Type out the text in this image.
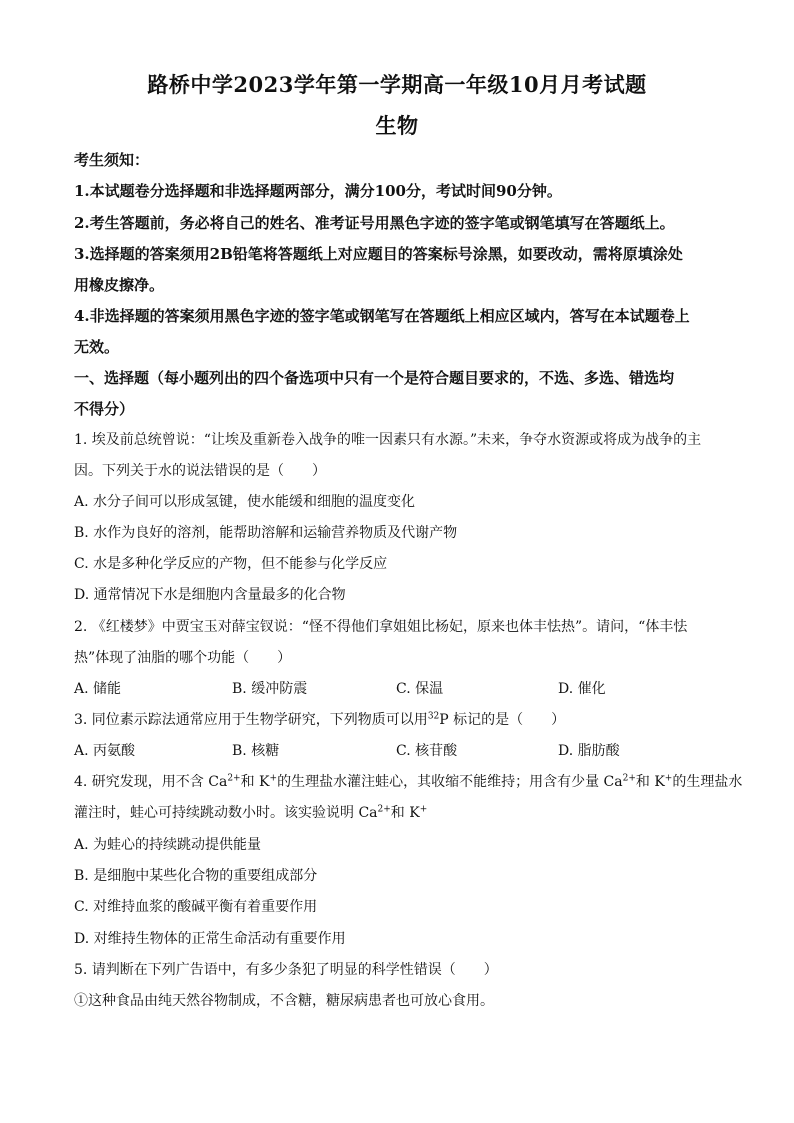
路桥中学2023学年第一学期高一年级10月月考试题
生物
考生须知：
1.本试题卷分选择题和非选择题两部分，满分100分，考试时间90分钟。
2.考生答题前，务必将自己的姓名、准考证号用黑色字迹的签字笔或钢笔填写在答题纸上。
3.选择题的答案须用2B铅笔将答题纸上对应题目的答案标号涂黑，如要改动，需将原填涂处
用橡皮擦净。
4.非选择题的答案须用黑色字迹的签字笔或钢笔写在答题纸上相应区域内，答写在本试题卷上
无效。
一、选择题（每小题列出的四个备选项中只有一个是符合题目要求的，不选、多选、错选均
不得分）
1. 埃及前总统曾说：“让埃及重新卷入战争的唯一因素只有水源。”未来，争夺水资源或将成为战争的主
因。下列关于水的说法错误的是（　　）
A. 水分子间可以形成氢键，使水能缓和细胞的温度变化
B. 水作为良好的溶剂，能帮助溶解和运输营养物质及代谢产物
C. 水是多种化学反应的产物，但不能参与化学反应
D. 通常情况下水是细胞内含量最多的化合物
2. 《红楼梦》中贾宝玉对薛宝钗说：“怪不得他们拿姐姐比杨妃，原来也体丰怯热”。请问，“体丰怯
热”体现了油脂的哪个功能（　　）
A. 储能	B. 缓冲防震	C. 保温	D. 催化
3. 同位素示踪法通常应用于生物学研究，下列物质可以用$^{32}$P 标记的是（　　）
A. 丙氨酸	B. 核糖	C. 核苷酸	D. 脂肪酸
4. 研究发现，用不含 $Ca^{2+}$和 K+的生理盐水灌注蛙心，其收缩不能维持；用含有少量 $Ca^{2+}$和 K+的生理盐水
灌注时，蛙心可持续跳动数小时。该实验说明 $Ca^{2+}$和 K+
A. 为蛙心的持续跳动提供能量
B. 是细胞中某些化合物的重要组成部分
C. 对维持血浆的酸碱平衡有着重要作用
D. 对维持生物体的正常生命活动有重要作用
5. 请判断在下列广告语中，有多少条犯了明显的科学性错误（　　）
①这种食品由纯天然谷物制成，不含糖，糖尿病患者也可放心食用。
